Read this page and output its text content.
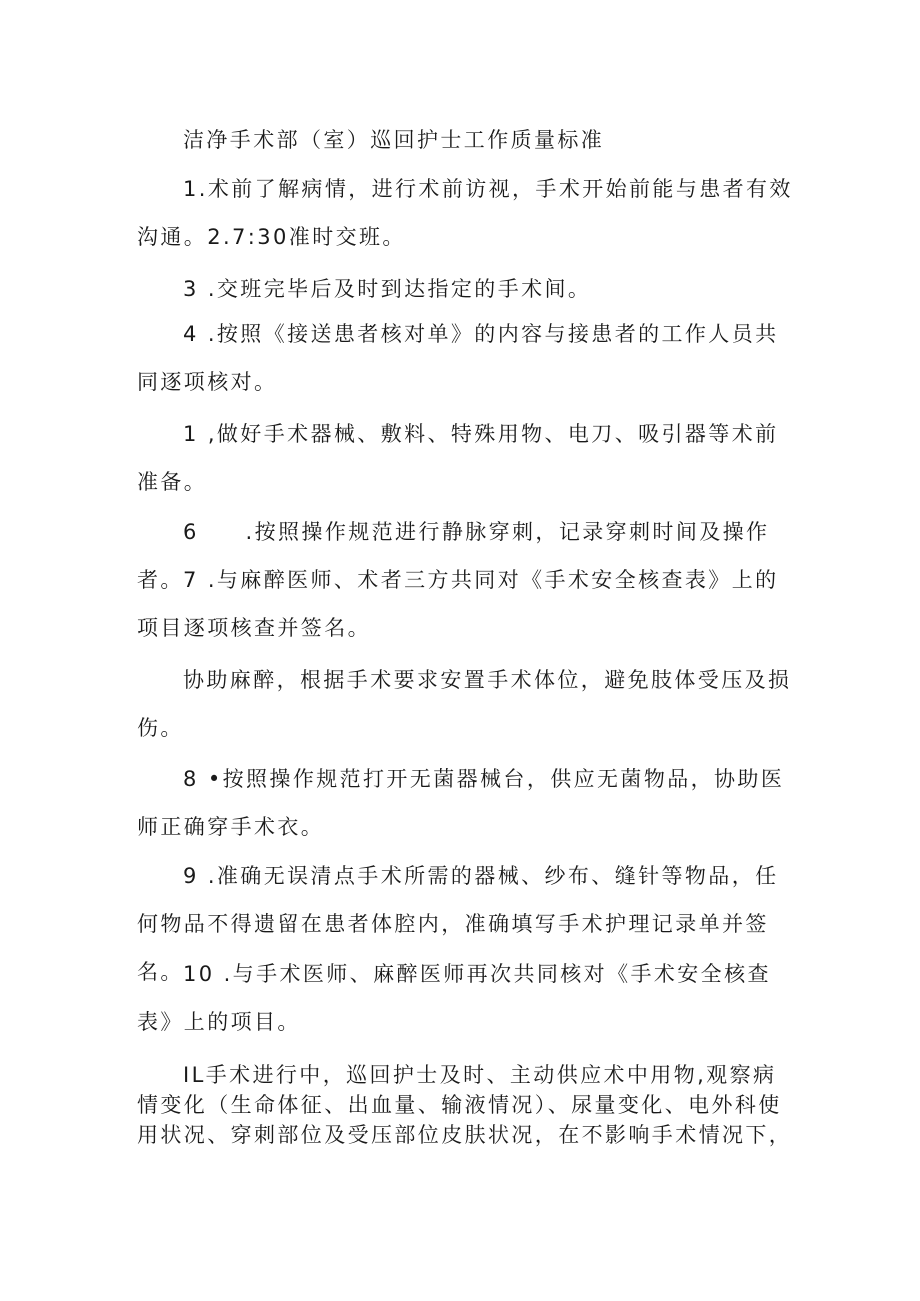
洁净手术部（室）巡回护士工作质量标准

1.术前了解病情，进行术前访视，手术开始前能与患者有效沟通。2.7:30准时交班。

3 .交班完毕后及时到达指定的手术间。

4 .按照《接送患者核对单》的内容与接患者的工作人员共同逐项核对。

1 ,做好手术器械、敷料、特殊用物、电刀、吸引器等术前准备。

6　　.按照操作规范进行静脉穿刺，记录穿刺时间及操作者。 7 .与麻醉医师、术者三方共同对《手术安全核查表》上的项目逐项核查并签名。

协助麻醉，根据手术要求安置手术体位，避免肢体受压及损伤。

8 •按照操作规范打开无菌器械台，供应无菌物品，协助医师正确穿手术衣。

9 .准确无误清点手术所需的器械、纱布、缝针等物品，任何物品不得遗留在患者体腔内，准确填写手术护理记录单并签名。 10 .与手术医师、麻醉医师再次共同核对《手术安全核查表》上的项目。

IL手术进行中，巡回护士及时、主动供应术中用物,观察病情变化（生命体征、出血量、输液情况）、尿量变化、电外科使用状况、穿刺部位及受压部位皮肤状况，在不影响手术情况下，
